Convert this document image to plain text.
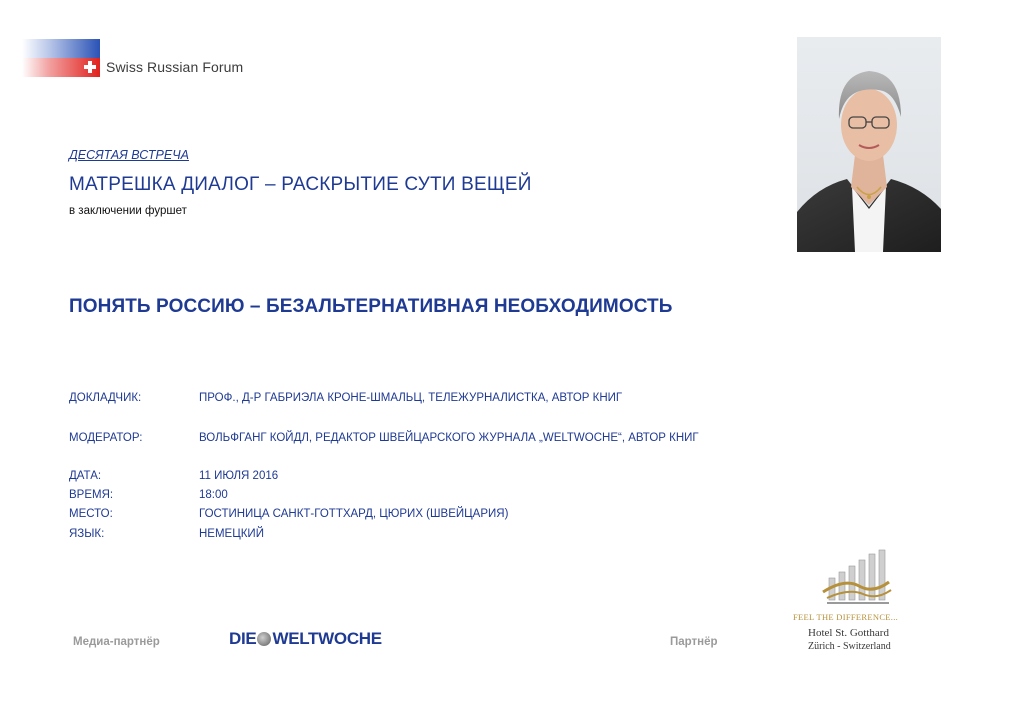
Swiss Russian Forum
ДЕСЯТАЯ ВСТРЕЧА
МАТРЕШКА ДИАЛОГ – РАСКРЫТИЕ СУТИ ВЕЩЕЙ
в заключении фуршет
ПОНЯТЬ РОССИЮ – БЕЗАЛЬТЕРНАТИВНАЯ НЕОБХОДИМОСТЬ
ДОКЛАДЧИК:	ПРОФ., Д-Р ГАБРИЭЛА КРОНЕ-ШМАЛЬЦ, ТЕЛЕЖУРНАЛИСТКА, АВТОР КНИГ
МОДЕРАТОР:	ВОЛЬФГАНГ КОЙДЛ, РЕДАКТОР ШВЕЙЦАРСКОГО ЖУРНАЛА „WELTWOCHE“, АВТОР КНИГ
ДАТА:	11 ИЮЛЯ 2016
ВРЕМЯ:	18:00
МЕСТО:	ГОСТИНИЦА САНКТ-ГОТТХАРД, ЦЮРИХ (ШВЕЙЦАРИЯ)
ЯЗЫК:	НЕМЕЦКИЙ
Медиа-партнёр	DIE WELTWOCHE	Партнёр
FEEL THE DIFFERENCE...
Hotel St. Gotthard
Zürich - Switzerland
